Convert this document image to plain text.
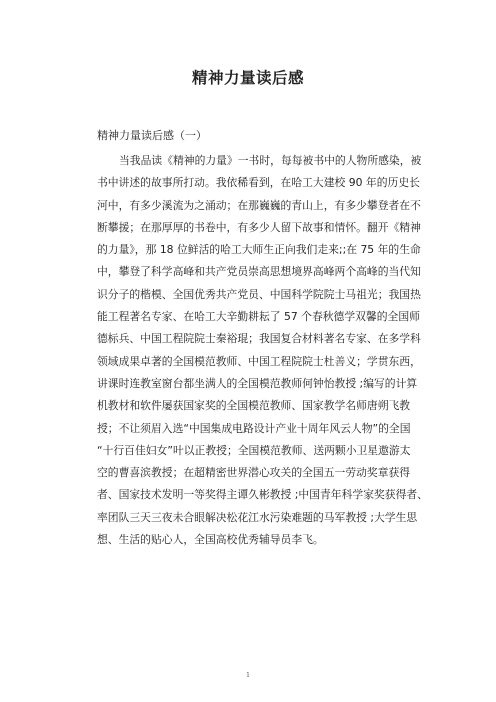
精神力量读后感
精神力量读后感（一）
当我品读《精神的力量》一书时，每每被书中的人物所感染，被
书中讲述的故事所打动。我依稀看到，在哈工大建校 90 年的历史长
河中，有多少溪流为之涌动；在那巍巍的青山上，有多少攀登者在不
断攀援；在那厚厚的书卷中，有多少人留下故事和情怀。翻开《精神
的力量》，那 18 位鲜活的哈工大师生正向我们走来;;在 75 年的生命
中，攀登了科学高峰和共产党员崇高思想境界高峰两个高峰的当代知
识分子的楷模、全国优秀共产党员、中国科学院院士马祖光；我国热
能工程著名专家、在哈工大辛勤耕耘了 57 个春秋德学双馨的全国师
德标兵、中国工程院院士秦裕琨；我国复合材料著名专家、在多学科
领域成果卓著的全国模范教师、中国工程院院士杜善义；学贯东西，
讲课时连教室窗台都坐满人的全国模范教师何钟怡教授 ;编写的计算
机教材和软件屡获国家奖的全国模范教师、国家教学名师唐朔飞教
授；不让须眉入选“中国集成电路设计产业十周年风云人物”的全国
“十行百佳妇女”叶以正教授；全国模范教师、送两颗小卫星遨游太
空的曹喜滨教授；在超精密世界潜心攻关的全国五一劳动奖章获得
者、国家技术发明一等奖得主谭久彬教授 ;中国青年科学家奖获得者、
率团队三天三夜未合眼解决松花江水污染难题的马军教授 ;大学生思
想、生活的贴心人，全国高校优秀辅导员李飞。
1
